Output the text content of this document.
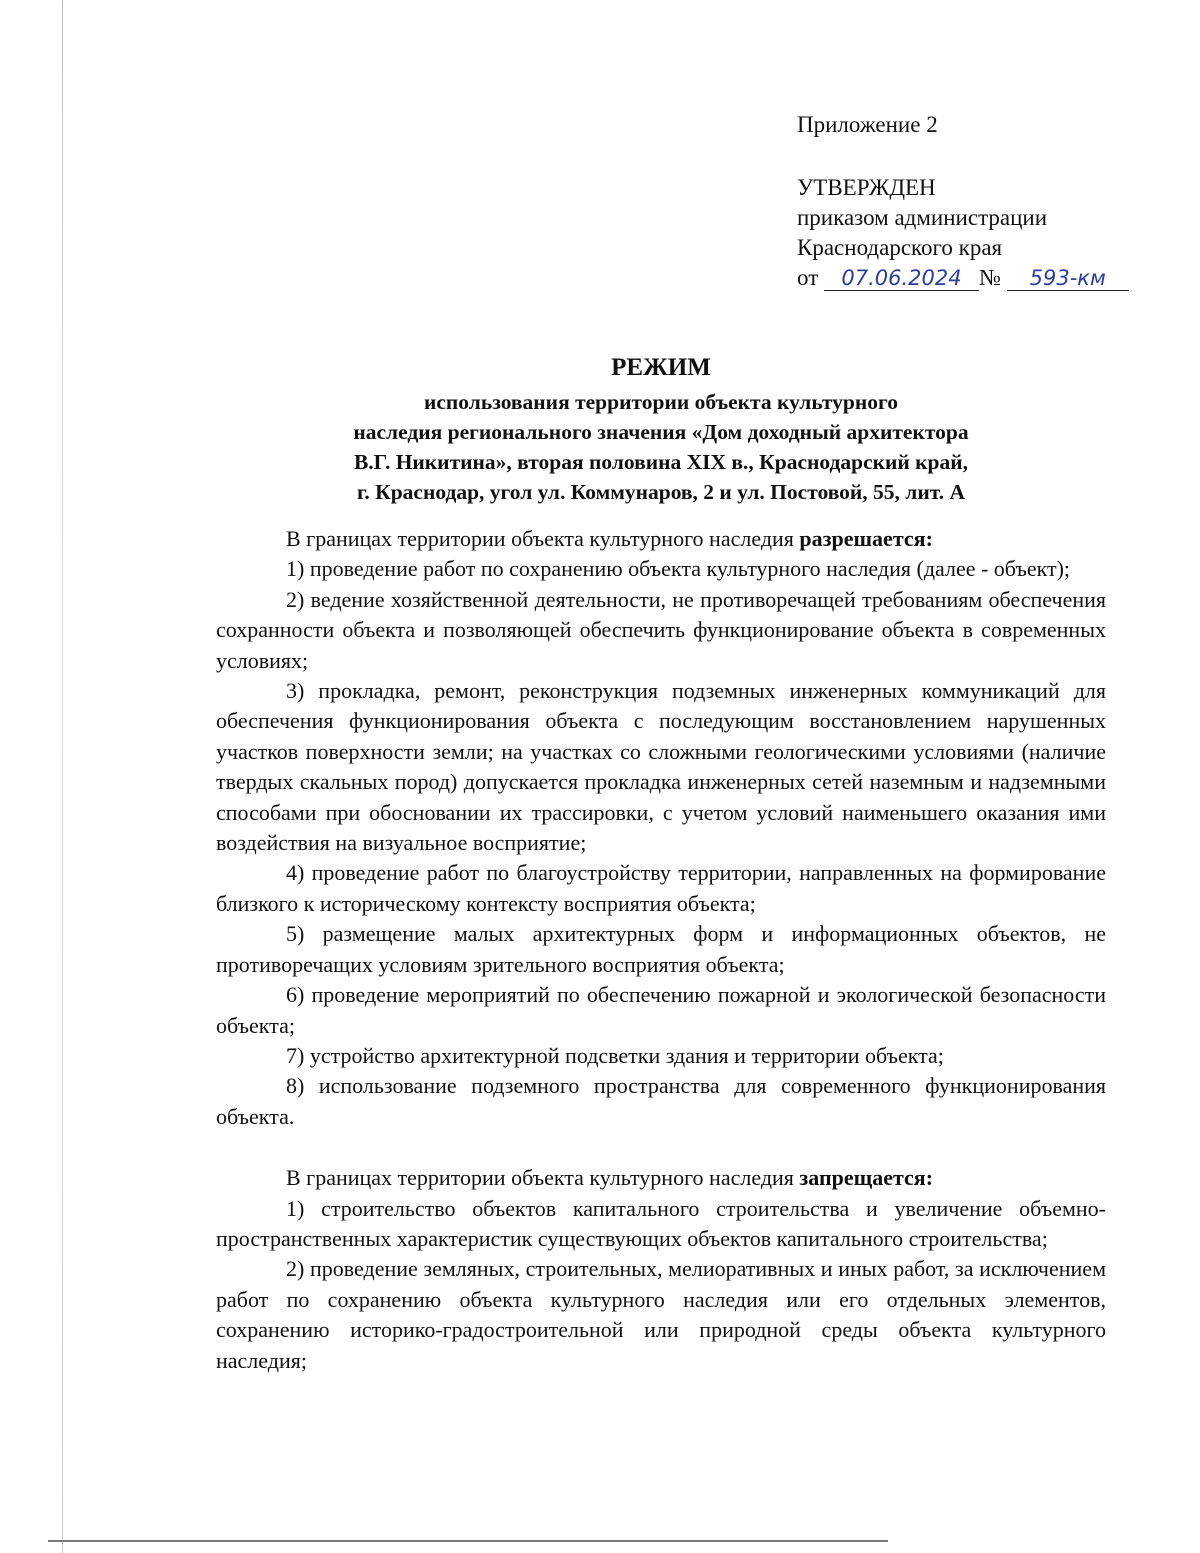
Приложение 2
УТВЕРЖДЕН
приказом администрации
Краснодарского края
от 07.06.2024 № 593-км
РЕЖИМ
использования территории объекта культурного
наследия регионального значения «Дом доходный архитектора
В.Г. Никитина», вторая половина XIX в., Краснодарский край,
г. Краснодар, угол ул. Коммунаров, 2 и ул. Постовой, 55, лит. А

В границах территории объекта культурного наследия разрешается:

1) проведение работ по сохранению объекта культурного наследия (далее - объект);

2) ведение хозяйственной деятельности, не противоречащей требованиям обеспечения сохранности объекта и позволяющей обеспечить функционирование объекта в современных условиях;

3) прокладка, ремонт, реконструкция подземных инженерных коммуникаций для обеспечения функционирования объекта с последующим восстановлением нарушенных участков поверхности земли; на участках со сложными геологическими условиями (наличие твердых скальных пород) допускается прокладка инженерных сетей наземным и надземными способами при обосновании их трассировки, с учетом условий наименьшего оказания ими воздействия на визуальное восприятие;

4) проведение работ по благоустройству территории, направленных на формирование близкого к историческому контексту восприятия объекта;

5) размещение малых архитектурных форм и информационных объектов, не противоречащих условиям зрительного восприятия объекта;

6) проведение мероприятий по обеспечению пожарной и экологической безопасности объекта;

7) устройство архитектурной подсветки здания и территории объекта;

8) использование подземного пространства для современного функционирования объекта.

В границах территории объекта культурного наследия запрещается:

1) строительство объектов капитального строительства и увеличение объемно-пространственных характеристик существующих объектов капитального строительства;

2) проведение земляных, строительных, мелиоративных и иных работ, за исключением работ по сохранению объекта культурного наследия или его отдельных элементов, сохранению историко-градостроительной или природной среды объекта культурного наследия;
